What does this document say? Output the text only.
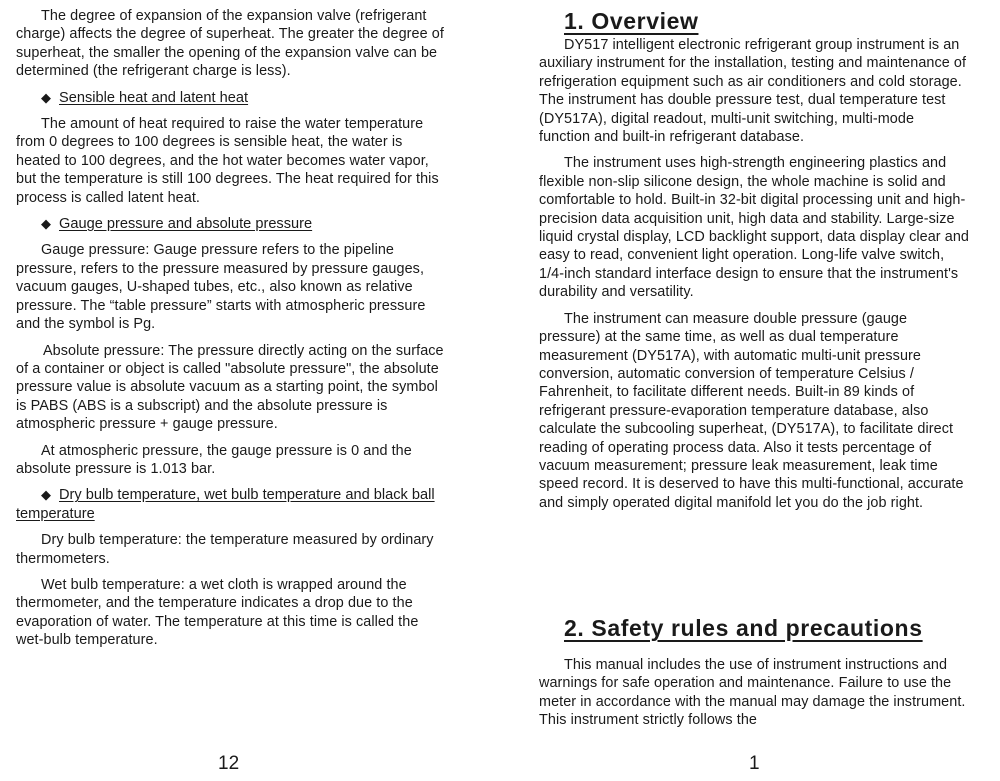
The degree of expansion of the expansion valve (refrigerant charge) affects the degree of superheat. The greater the degree of superheat, the smaller the opening of the expansion valve can be determined (the refrigerant charge is less).

◆ Sensible heat and latent heat

The amount of heat required to raise the water temperature from 0 degrees to 100 degrees is sensible heat, the water is heated to 100 degrees, and the hot water becomes water vapor, but the temperature is still 100 degrees. The heat required for this process is called latent heat.

◆ Gauge pressure and absolute pressure

Gauge pressure: Gauge pressure refers to the pipeline pressure, refers to the pressure measured by pressure gauges, vacuum gauges, U-shaped tubes, etc., also known as relative pressure. The “table pressure” starts with atmospheric pressure and the symbol is Pg.

Absolute pressure: The pressure directly acting on the surface of a container or object is called "absolute pressure", the absolute pressure value is absolute vacuum as a starting point, the symbol is PABS (ABS is a subscript) and the absolute pressure is atmospheric pressure + gauge pressure.

At atmospheric pressure, the gauge pressure is 0 and the absolute pressure is 1.013 bar.

◆ Dry bulb temperature, wet bulb temperature and black ball temperature

Dry bulb temperature: the temperature measured by ordinary thermometers.

Wet bulb temperature: a wet cloth is wrapped around the thermometer, and the temperature indicates a drop due to the evaporation of water. The temperature at this time is called the wet-bulb temperature.

12
1. Overview

DY517 intelligent electronic refrigerant group instrument is an auxiliary instrument for the installation, testing and maintenance of refrigeration equipment such as air conditioners and cold storage. The instrument has double pressure test, dual temperature test (DY517A), digital readout, multi-unit switching, multi-mode function and built-in refrigerant database.

The instrument uses high-strength engineering plastics and flexible non-slip silicone design, the whole machine is solid and comfortable to hold. Built-in 32-bit digital processing unit and high-precision data acquisition unit, high data and stability. Large-size liquid crystal display, LCD backlight support, data display clear and easy to read, convenient light operation. Long-life valve switch, 1/4-inch standard interface design to ensure that the instrument's durability and versatility.

The instrument can measure double pressure (gauge pressure) at the same time, as well as dual temperature measurement (DY517A), with automatic multi-unit pressure conversion, automatic conversion of temperature Celsius / Fahrenheit, to facilitate different needs. Built-in 89 kinds of refrigerant pressure-evaporation temperature database, also calculate the subcooling superheat, (DY517A), to facilitate direct reading of operating process data. Also it tests percentage of vacuum measurement; pressure leak measurement, leak time speed record. It is deserved to have this multi-functional, accurate and simply operated digital manifold let you do the job right.

2. Safety rules and precautions

This manual includes the use of instrument instructions and warnings for safe operation and maintenance. Failure to use the meter in accordance with the manual may damage the instrument. This instrument strictly follows the

1
